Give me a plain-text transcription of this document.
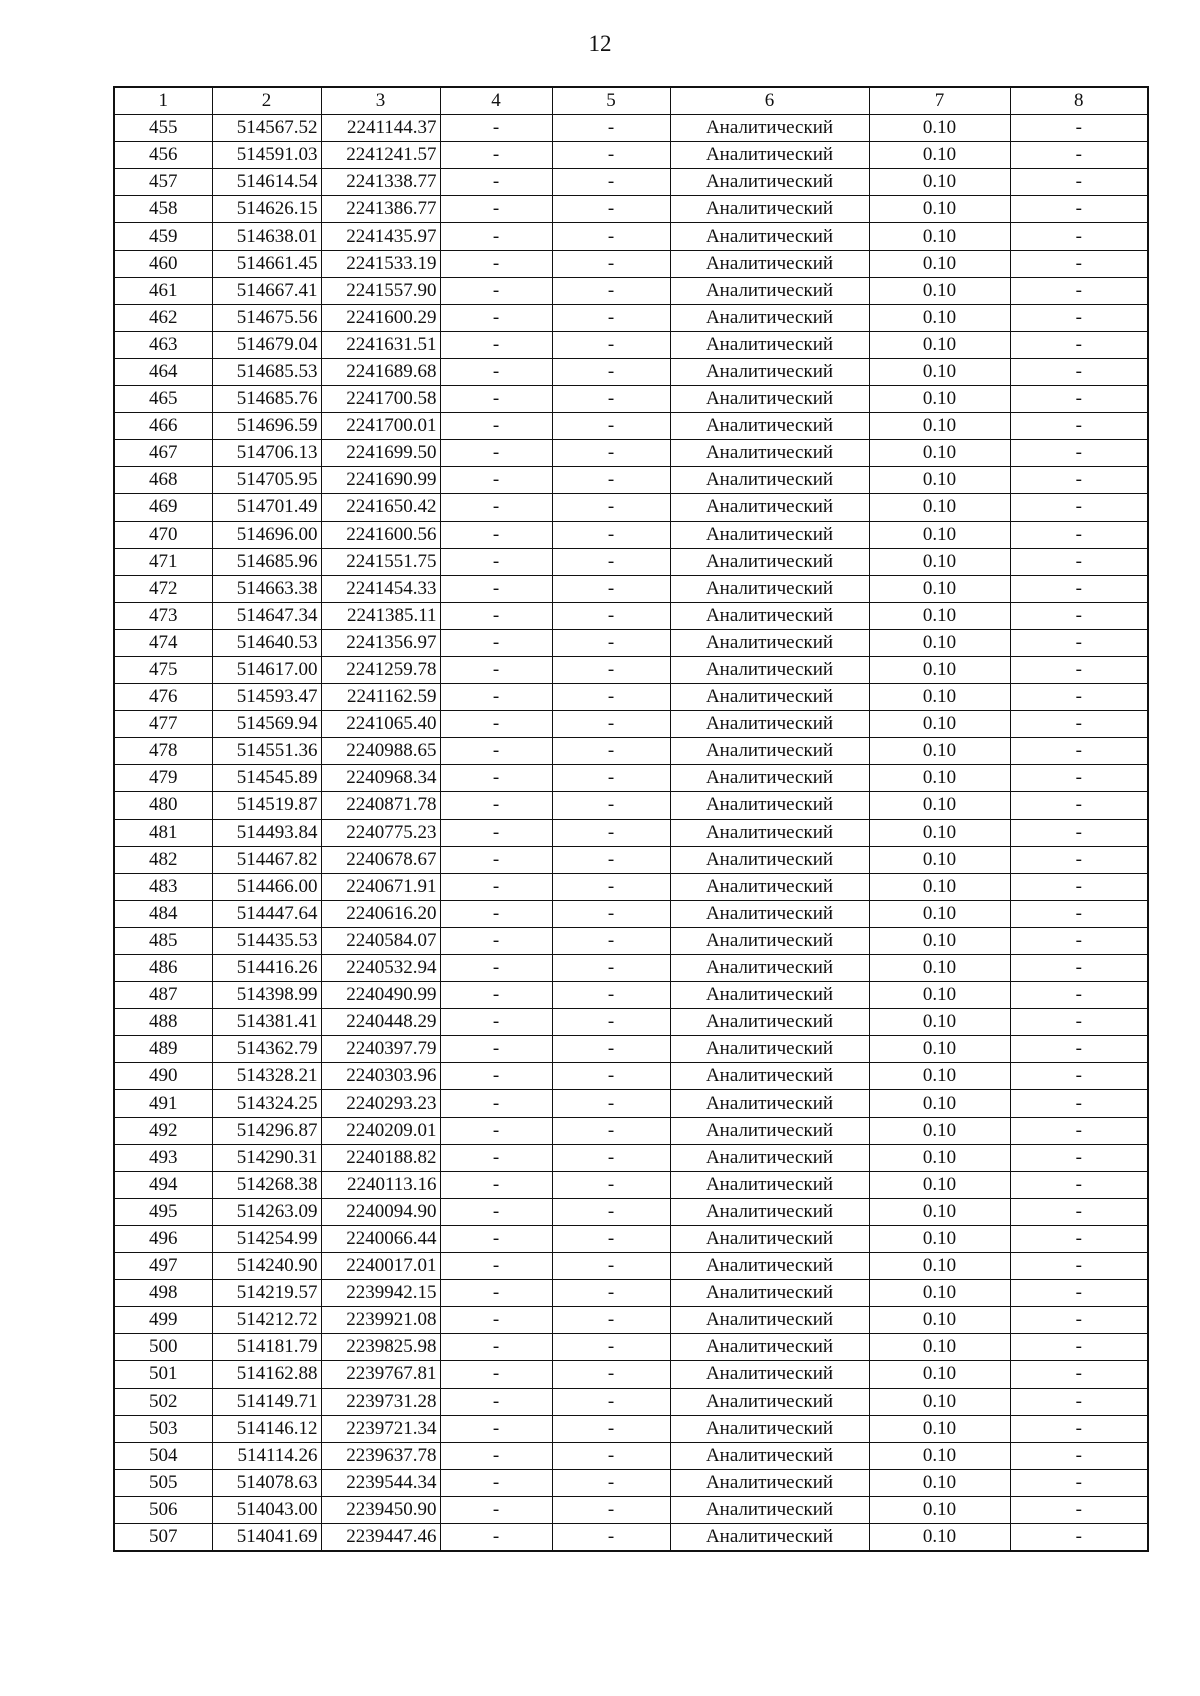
12
1	2	3	4	5	6	7	8
455	514567.52	2241144.37	-	-	Аналитический	0.10	-
456	514591.03	2241241.57	-	-	Аналитический	0.10	-
457	514614.54	2241338.77	-	-	Аналитический	0.10	-
458	514626.15	2241386.77	-	-	Аналитический	0.10	-
459	514638.01	2241435.97	-	-	Аналитический	0.10	-
460	514661.45	2241533.19	-	-	Аналитический	0.10	-
461	514667.41	2241557.90	-	-	Аналитический	0.10	-
462	514675.56	2241600.29	-	-	Аналитический	0.10	-
463	514679.04	2241631.51	-	-	Аналитический	0.10	-
464	514685.53	2241689.68	-	-	Аналитический	0.10	-
465	514685.76	2241700.58	-	-	Аналитический	0.10	-
466	514696.59	2241700.01	-	-	Аналитический	0.10	-
467	514706.13	2241699.50	-	-	Аналитический	0.10	-
468	514705.95	2241690.99	-	-	Аналитический	0.10	-
469	514701.49	2241650.42	-	-	Аналитический	0.10	-
470	514696.00	2241600.56	-	-	Аналитический	0.10	-
471	514685.96	2241551.75	-	-	Аналитический	0.10	-
472	514663.38	2241454.33	-	-	Аналитический	0.10	-
473	514647.34	2241385.11	-	-	Аналитический	0.10	-
474	514640.53	2241356.97	-	-	Аналитический	0.10	-
475	514617.00	2241259.78	-	-	Аналитический	0.10	-
476	514593.47	2241162.59	-	-	Аналитический	0.10	-
477	514569.94	2241065.40	-	-	Аналитический	0.10	-
478	514551.36	2240988.65	-	-	Аналитический	0.10	-
479	514545.89	2240968.34	-	-	Аналитический	0.10	-
480	514519.87	2240871.78	-	-	Аналитический	0.10	-
481	514493.84	2240775.23	-	-	Аналитический	0.10	-
482	514467.82	2240678.67	-	-	Аналитический	0.10	-
483	514466.00	2240671.91	-	-	Аналитический	0.10	-
484	514447.64	2240616.20	-	-	Аналитический	0.10	-
485	514435.53	2240584.07	-	-	Аналитический	0.10	-
486	514416.26	2240532.94	-	-	Аналитический	0.10	-
487	514398.99	2240490.99	-	-	Аналитический	0.10	-
488	514381.41	2240448.29	-	-	Аналитический	0.10	-
489	514362.79	2240397.79	-	-	Аналитический	0.10	-
490	514328.21	2240303.96	-	-	Аналитический	0.10	-
491	514324.25	2240293.23	-	-	Аналитический	0.10	-
492	514296.87	2240209.01	-	-	Аналитический	0.10	-
493	514290.31	2240188.82	-	-	Аналитический	0.10	-
494	514268.38	2240113.16	-	-	Аналитический	0.10	-
495	514263.09	2240094.90	-	-	Аналитический	0.10	-
496	514254.99	2240066.44	-	-	Аналитический	0.10	-
497	514240.90	2240017.01	-	-	Аналитический	0.10	-
498	514219.57	2239942.15	-	-	Аналитический	0.10	-
499	514212.72	2239921.08	-	-	Аналитический	0.10	-
500	514181.79	2239825.98	-	-	Аналитический	0.10	-
501	514162.88	2239767.81	-	-	Аналитический	0.10	-
502	514149.71	2239731.28	-	-	Аналитический	0.10	-
503	514146.12	2239721.34	-	-	Аналитический	0.10	-
504	514114.26	2239637.78	-	-	Аналитический	0.10	-
505	514078.63	2239544.34	-	-	Аналитический	0.10	-
506	514043.00	2239450.90	-	-	Аналитический	0.10	-
507	514041.69	2239447.46	-	-	Аналитический	0.10	-
